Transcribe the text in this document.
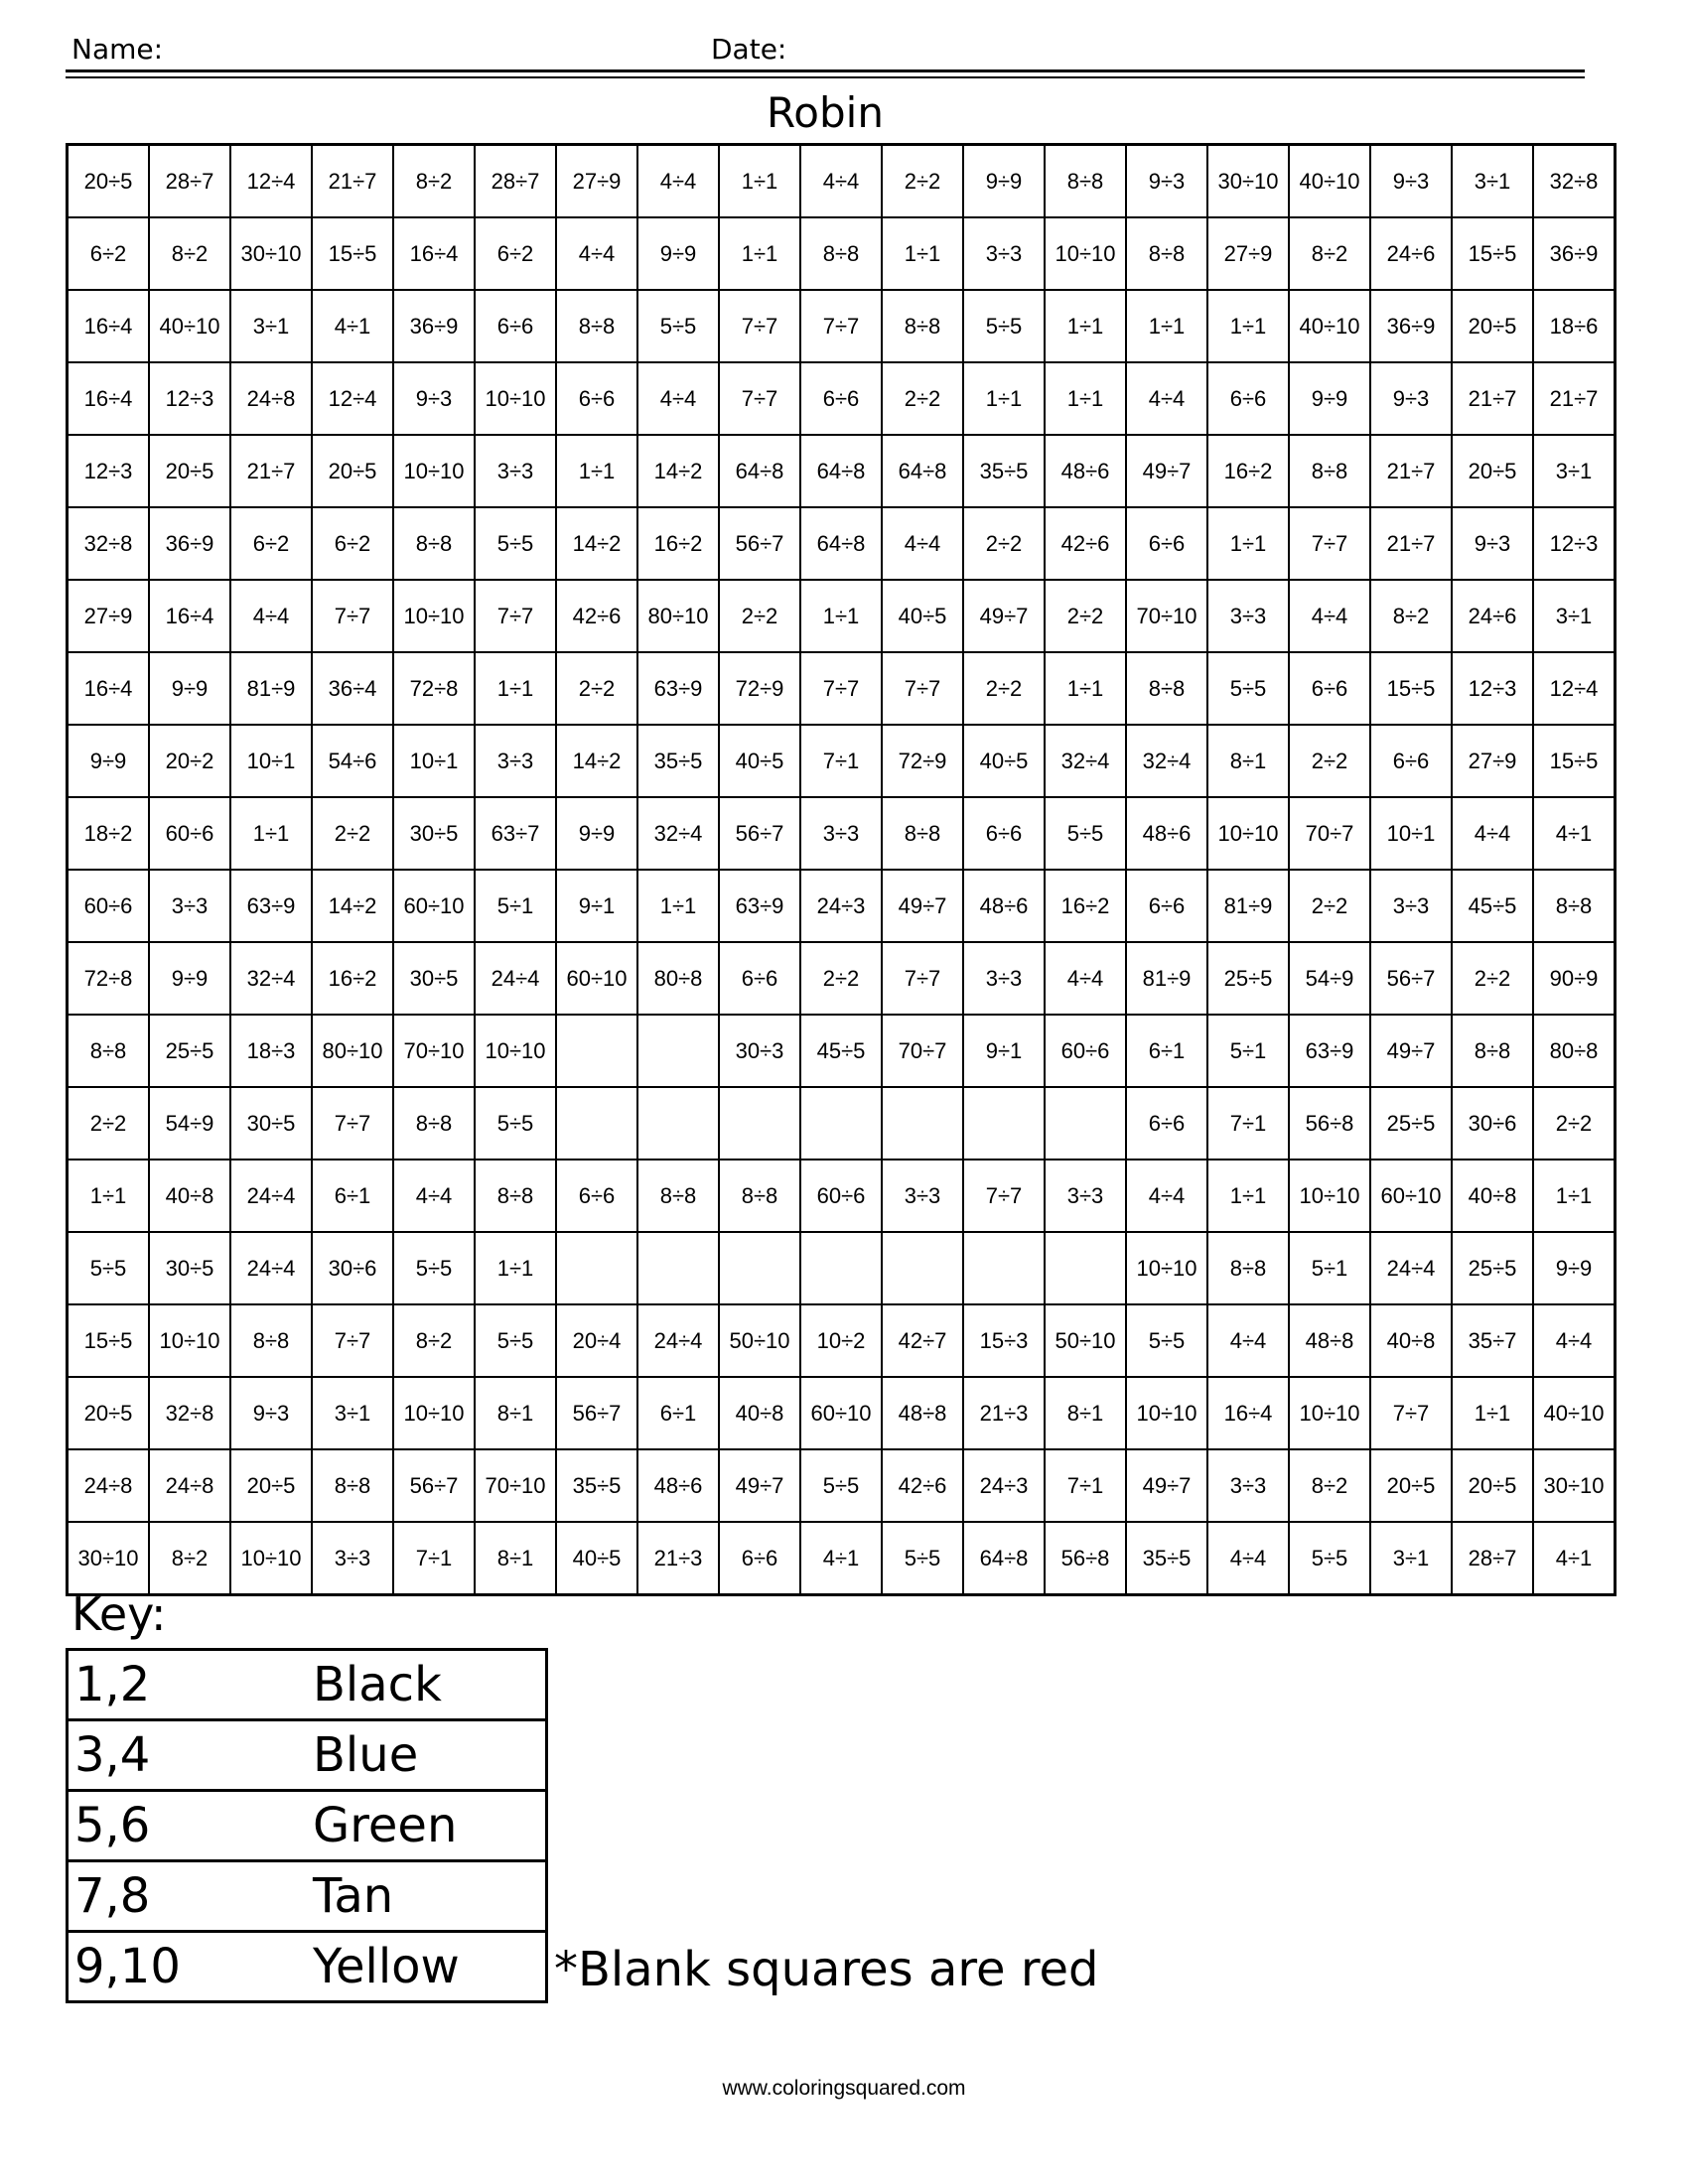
Name:	Date:
Robin
20÷5	28÷7	12÷4	21÷7	8÷2	28÷7	27÷9	4÷4	1÷1	4÷4	2÷2	9÷9	8÷8	9÷3	30÷10	40÷10	9÷3	3÷1	32÷8
6÷2	8÷2	30÷10	15÷5	16÷4	6÷2	4÷4	9÷9	1÷1	8÷8	1÷1	3÷3	10÷10	8÷8	27÷9	8÷2	24÷6	15÷5	36÷9
16÷4	40÷10	3÷1	4÷1	36÷9	6÷6	8÷8	5÷5	7÷7	7÷7	8÷8	5÷5	1÷1	1÷1	1÷1	40÷10	36÷9	20÷5	18÷6
16÷4	12÷3	24÷8	12÷4	9÷3	10÷10	6÷6	4÷4	7÷7	6÷6	2÷2	1÷1	1÷1	4÷4	6÷6	9÷9	9÷3	21÷7	21÷7
12÷3	20÷5	21÷7	20÷5	10÷10	3÷3	1÷1	14÷2	64÷8	64÷8	64÷8	35÷5	48÷6	49÷7	16÷2	8÷8	21÷7	20÷5	3÷1
32÷8	36÷9	6÷2	6÷2	8÷8	5÷5	14÷2	16÷2	56÷7	64÷8	4÷4	2÷2	42÷6	6÷6	1÷1	7÷7	21÷7	9÷3	12÷3
27÷9	16÷4	4÷4	7÷7	10÷10	7÷7	42÷6	80÷10	2÷2	1÷1	40÷5	49÷7	2÷2	70÷10	3÷3	4÷4	8÷2	24÷6	3÷1
16÷4	9÷9	81÷9	36÷4	72÷8	1÷1	2÷2	63÷9	72÷9	7÷7	7÷7	2÷2	1÷1	8÷8	5÷5	6÷6	15÷5	12÷3	12÷4
9÷9	20÷2	10÷1	54÷6	10÷1	3÷3	14÷2	35÷5	40÷5	7÷1	72÷9	40÷5	32÷4	32÷4	8÷1	2÷2	6÷6	27÷9	15÷5
18÷2	60÷6	1÷1	2÷2	30÷5	63÷7	9÷9	32÷4	56÷7	3÷3	8÷8	6÷6	5÷5	48÷6	10÷10	70÷7	10÷1	4÷4	4÷1
60÷6	3÷3	63÷9	14÷2	60÷10	5÷1	9÷1	1÷1	63÷9	24÷3	49÷7	48÷6	16÷2	6÷6	81÷9	2÷2	3÷3	45÷5	8÷8
72÷8	9÷9	32÷4	16÷2	30÷5	24÷4	60÷10	80÷8	6÷6	2÷2	7÷7	3÷3	4÷4	81÷9	25÷5	54÷9	56÷7	2÷2	90÷9
8÷8	25÷5	18÷3	80÷10	70÷10	10÷10			30÷3	45÷5	70÷7	9÷1	60÷6	6÷1	5÷1	63÷9	49÷7	8÷8	80÷8
2÷2	54÷9	30÷5	7÷7	8÷8	5÷5								6÷6	7÷1	56÷8	25÷5	30÷6	2÷2
1÷1	40÷8	24÷4	6÷1	4÷4	8÷8	6÷6	8÷8	8÷8	60÷6	3÷3	7÷7	3÷3	4÷4	1÷1	10÷10	60÷10	40÷8	1÷1
5÷5	30÷5	24÷4	30÷6	5÷5	1÷1								10÷10	8÷8	5÷1	24÷4	25÷5	9÷9
15÷5	10÷10	8÷8	7÷7	8÷2	5÷5	20÷4	24÷4	50÷10	10÷2	42÷7	15÷3	50÷10	5÷5	4÷4	48÷8	40÷8	35÷7	4÷4
20÷5	32÷8	9÷3	3÷1	10÷10	8÷1	56÷7	6÷1	40÷8	60÷10	48÷8	21÷3	8÷1	10÷10	16÷4	10÷10	7÷7	1÷1	40÷10
24÷8	24÷8	20÷5	8÷8	56÷7	70÷10	35÷5	48÷6	49÷7	5÷5	42÷6	24÷3	7÷1	49÷7	3÷3	8÷2	20÷5	20÷5	30÷10
30÷10	8÷2	10÷10	3÷3	7÷1	8÷1	40÷5	21÷3	6÷6	4÷1	5÷5	64÷8	56÷8	35÷5	4÷4	5÷5	3÷1	28÷7	4÷1
Key:
1,2	Black
3,4	Blue
5,6	Green
7,8	Tan
9,10	Yellow *Blank squares are red
www.coloringsquared.com
